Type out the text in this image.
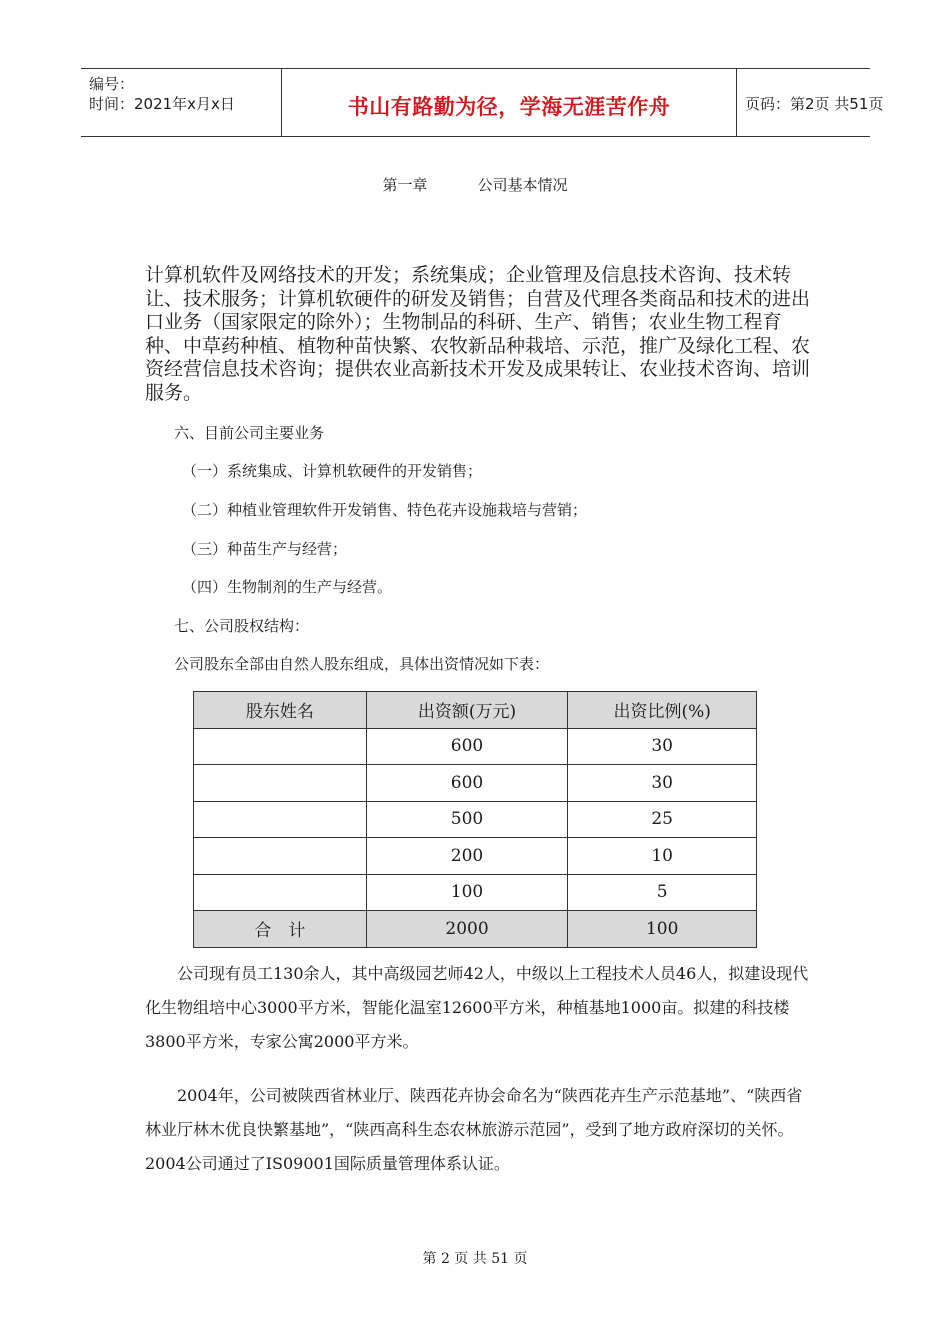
编号：
时间：2021年x月x日	书山有路勤为径，学海无涯苦作舟	页码：第2页 共51页
第一章	公司基本情况

计算机软件及网络技术的开发；系统集成；企业管理及信息技术咨询、技术转让、技术服务；计算机软硬件的研发及销售；自营及代理各类商品和技术的进出口业务（国家限定的除外）；生物制品的科研、生产、销售；农业生物工程育种、中草药种植、植物种苗快繁、农牧新品种栽培、示范，推广及绿化工程、农资经营信息技术咨询；提供农业高新技术开发及成果转让、农业技术咨询、培训服务。

六、目前公司主要业务

（一）系统集成、计算机软硬件的开发销售；

（二）种植业管理软件开发销售、特色花卉设施栽培与营销；

（三）种苗生产与经营；

（四）生物制剂的生产与经营。

七、公司股权结构：

公司股东全部由自然人股东组成，具体出资情况如下表：

股东姓名	出资额(万元)	出资比例(%)
	600	30
	600	30
	500	25
	200	10
	100	5
合　计	2000	100

公司现有员工130余人，其中高级园艺师42人，中级以上工程技术人员46人，拟建设现代化生物组培中心3000平方米，智能化温室12600平方米，种植基地1000亩。拟建的科技楼3800平方米，专家公寓2000平方米。

2004年，公司被陕西省林业厅、陕西花卉协会命名为“陕西花卉生产示范基地”、“陕西省林业厅林木优良快繁基地”，“陕西高科生态农林旅游示范园”，受到了地方政府深切的关怀。2004公司通过了IS09001国际质量管理体系认证。

第 2 页 共 51 页
